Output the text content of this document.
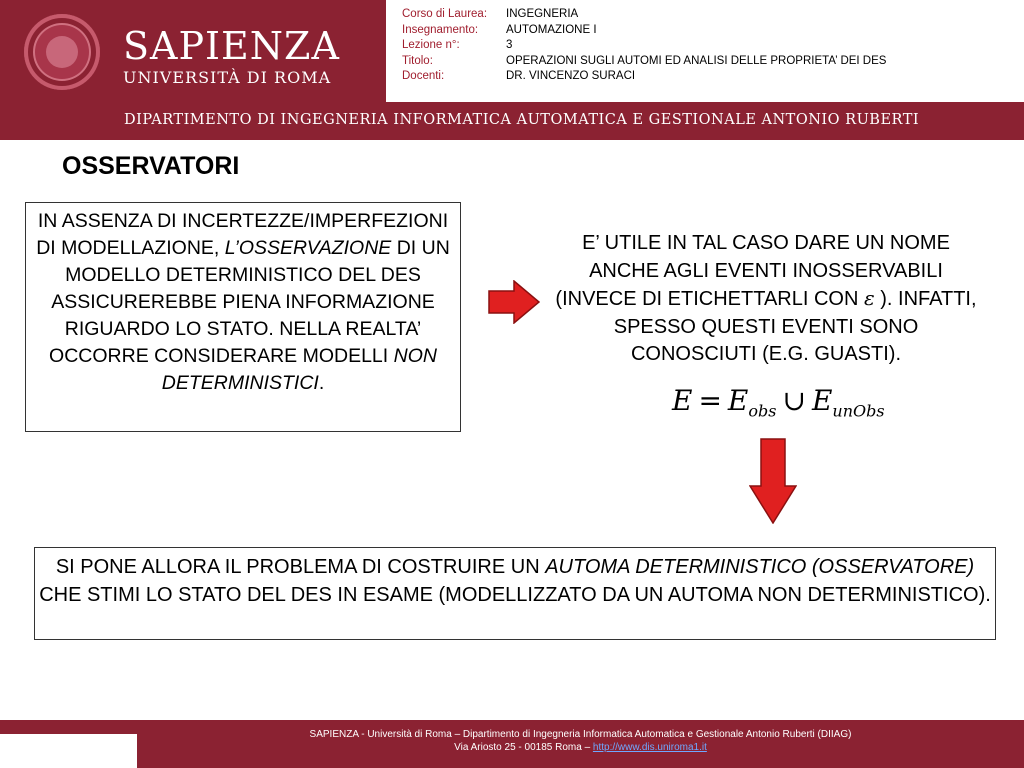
SAPIENZA
UNIVERSITÀ DI ROMA
Corso di Laurea:	INGEGNERIA
Insegnamento:	AUTOMAZIONE I
Lezione n°:	3
Titolo:	OPERAZIONI SUGLI AUTOMI ED ANALISI DELLE PROPRIETA’ DEI DES
Docenti:	DR. VINCENZO SURACI
DIPARTIMENTO DI INGEGNERIA INFORMATICA AUTOMATICA E GESTIONALE ANTONIO RUBERTI
OSSERVATORI
IN ASSENZA DI INCERTEZZE/IMPERFEZIONI DI MODELLAZIONE, L’OSSERVAZIONE DI UN MODELLO DETERMINISTICO DEL DES ASSICUREREBBE PIENA INFORMAZIONE RIGUARDO LO STATO. NELLA REALTA’ OCCORRE CONSIDERARE MODELLI NON DETERMINISTICI.
E’ UTILE IN TAL CASO DARE UN NOME ANCHE AGLI EVENTI INOSSERVABILI (INVECE DI ETICHETTARLI CON ε ). INFATTI, SPESSO QUESTI EVENTI SONO CONOSCIUTI (E.G. GUASTI).
$E = E_{obs}$ ∪ $E_{unObs}$
SI PONE ALLORA IL PROBLEMA DI COSTRUIRE UN AUTOMA DETERMINISTICO (OSSERVATORE) CHE STIMI LO STATO DEL DES IN ESAME (MODELLIZZATO DA UN AUTOMA NON DETERMINISTICO).
SAPIENZA - Università di Roma – Dipartimento di Ingegneria Informatica Automatica e Gestionale Antonio Ruberti (DIIAG)
Via Ariosto 25 - 00185 Roma – http://www.dis.uniroma1.it
